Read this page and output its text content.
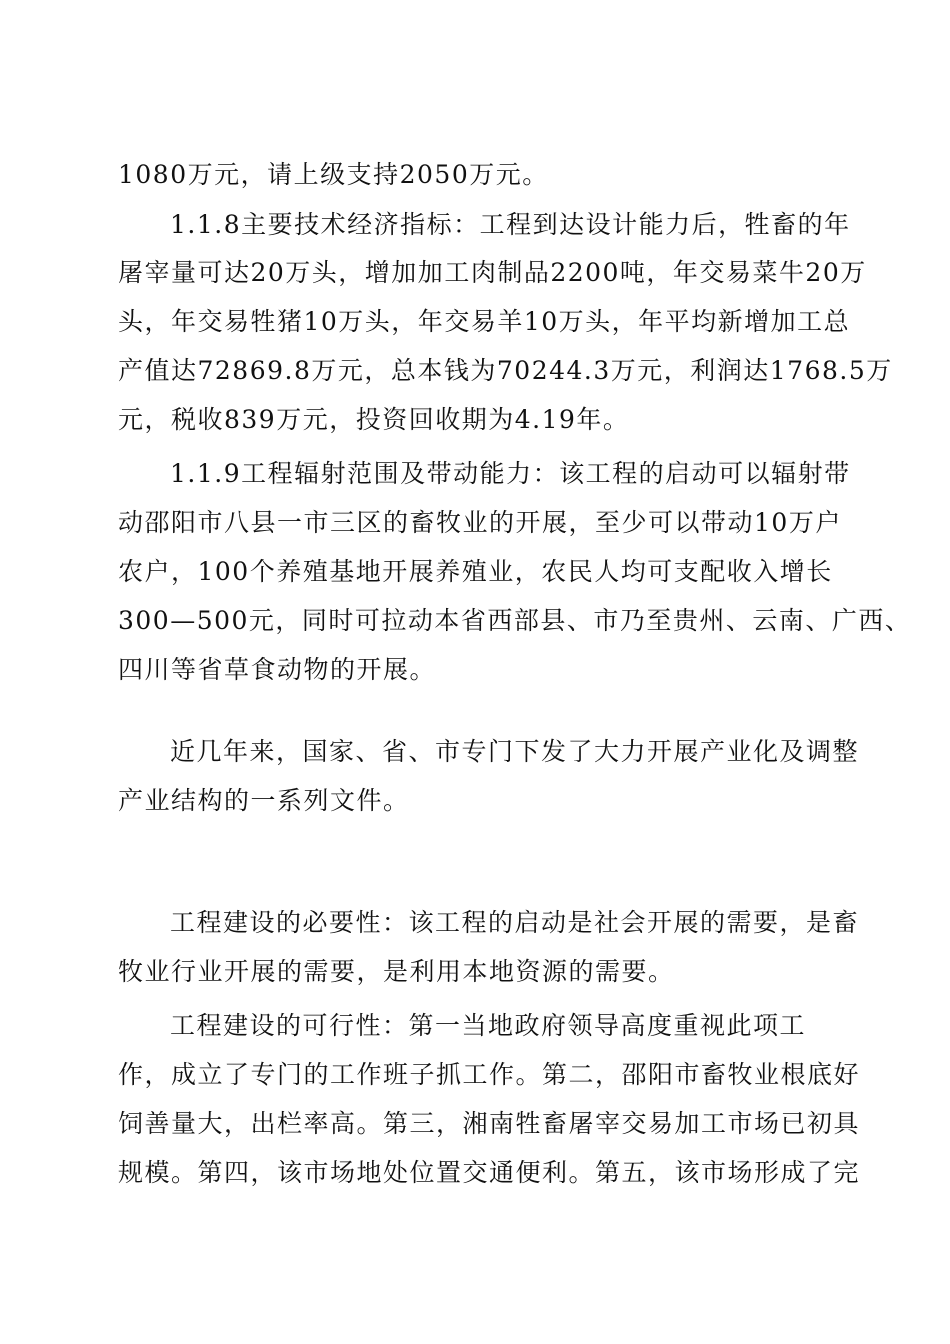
1080万元，请上级支持2050万元。
1.1.8主要技术经济指标：工程到达设计能力后，牲畜的年
屠宰量可达20万头，增加加工肉制品2200吨，年交易菜牛20万
头，年交易牲猪10万头，年交易羊10万头，年平均新增加工总
产值达72869.8万元，总本钱为70244.3万元，利润达1768.5万
元，税收839万元，投资回收期为4.19年。
1.1.9工程辐射范围及带动能力：该工程的启动可以辐射带
动邵阳市八县一市三区的畜牧业的开展，至少可以带动10万户
农户，100个养殖基地开展养殖业，农民人均可支配收入增长
300—500元，同时可拉动本省西部县、市乃至贵州、云南、广西、
四川等省草食动物的开展。
近几年来，国家、省、市专门下发了大力开展产业化及调整
产业结构的一系列文件。
工程建设的必要性：该工程的启动是社会开展的需要，是畜
牧业行业开展的需要，是利用本地资源的需要。
工程建设的可行性：第一当地政府领导高度重视此项工
作，成立了专门的工作班子抓工作。第二，邵阳市畜牧业根底好
饲善量大，出栏率高。第三，湘南牲畜屠宰交易加工市场已初具
规模。第四，该市场地处位置交通便利。第五，该市场形成了完
